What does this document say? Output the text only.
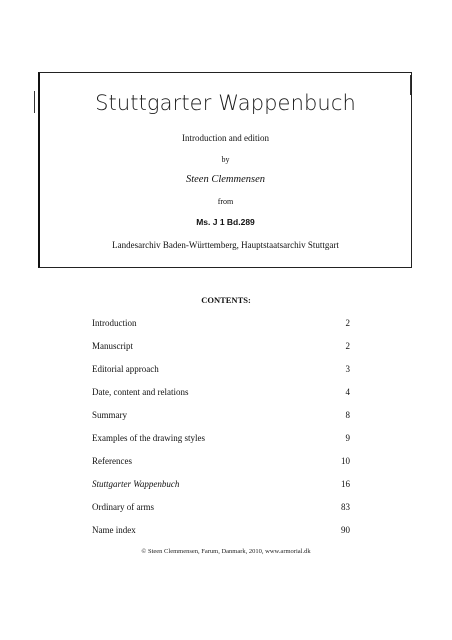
Stuttgarter Wappenbuch
Introduction and edition
by
Steen Clemmensen
from
Ms. J 1 Bd.289
Landesarchiv Baden-Württemberg, Hauptstaatsarchiv Stuttgart
CONTENTS:
Introduction	2
Manuscript	2
Editorial approach	3
Date, content and relations	4
Summary	8
Examples of the drawing styles	9
References	10
Stuttgarter Wappenbuch	16
Ordinary of arms	83
Name index	90
© Steen Clemmensen, Farum, Danmark, 2010, www.armorial.dk
